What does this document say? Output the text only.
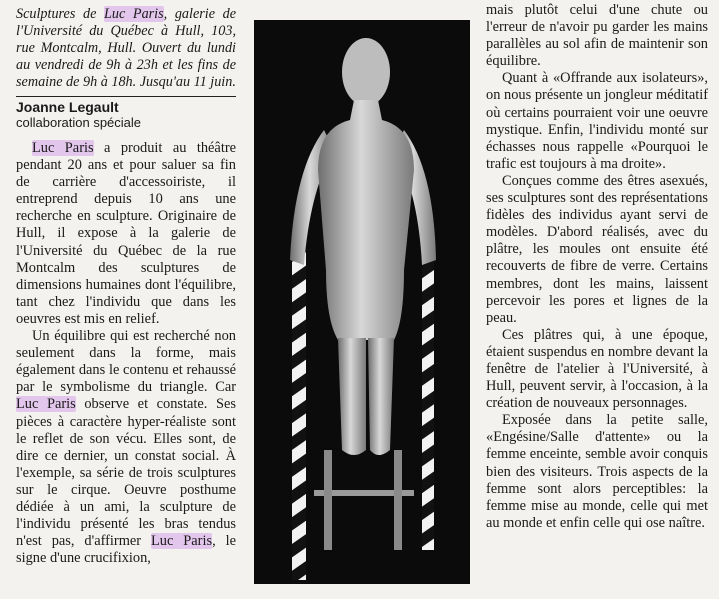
Sculptures de Luc Paris, galerie de l'Université du Québec à Hull, 103, rue Montcalm, Hull. Ouvert du lundi au vendredi de 9h à 23h et les fins de semaine de 9h à 18h. Jusqu'au 11 juin.

Joanne Legault

collaboration spéciale

Luc Paris a produit au théâtre pendant 20 ans et pour saluer sa fin de carrière d'accessoiriste, il entreprend depuis 10 ans une recherche en sculpture. Originaire de Hull, il expose à la galerie de l'Université du Québec de la rue Montcalm des sculptures de dimensions humaines dont l'équilibre, tant chez l'individu que dans les oeuvres est mis en relief.

Un équilibre qui est recherché non seulement dans la forme, mais également dans le contenu et rehaussé par le symbolisme du triangle. Car Luc Paris observe et constate. Ses pièces à caractère hyper-réaliste sont le reflet de son vécu. Elles sont, de dire ce dernier, un constat social. À l'exemple, sa série de trois sculptures sur le cirque. Oeuvre posthume dédiée à un ami, la sculpture de l'individu présenté les bras tendus n'est pas, d'affirmer Luc Paris, le signe d'une crucifixion,

mais plutôt celui d'une chute ou l'erreur de n'avoir pu garder les mains parallèles au sol afin de maintenir son équilibre.

Quant à «Offrande aux isolateurs», on nous présente un jongleur méditatif où certains pourraient voir une oeuvre mystique. Enfin, l'individu monté sur échasses nous rappelle «Pourquoi le trafic est toujours à ma droite».

Conçues comme des êtres asexués, ses sculptures sont des représentations fidèles des individus ayant servi de modèles. D'abord réalisés, avec du plâtre, les moules ont ensuite été recouverts de fibre de verre. Certains membres, dont les mains, laissent percevoir les pores et lignes de la peau.

Ces plâtres qui, à une époque, étaient suspendus en nombre devant la fenêtre de l'atelier à l'Université, à Hull, peuvent servir, à l'occasion, à la création de nouveaux personnages.

Exposée dans la petite salle, «Engésine/Salle d'attente» ou la femme enceinte, semble avoir conquis bien des visiteurs. Trois aspects de la femme sont alors perceptibles: la femme mise au monde, celle qui met au monde et enfin celle qui ose naître.
